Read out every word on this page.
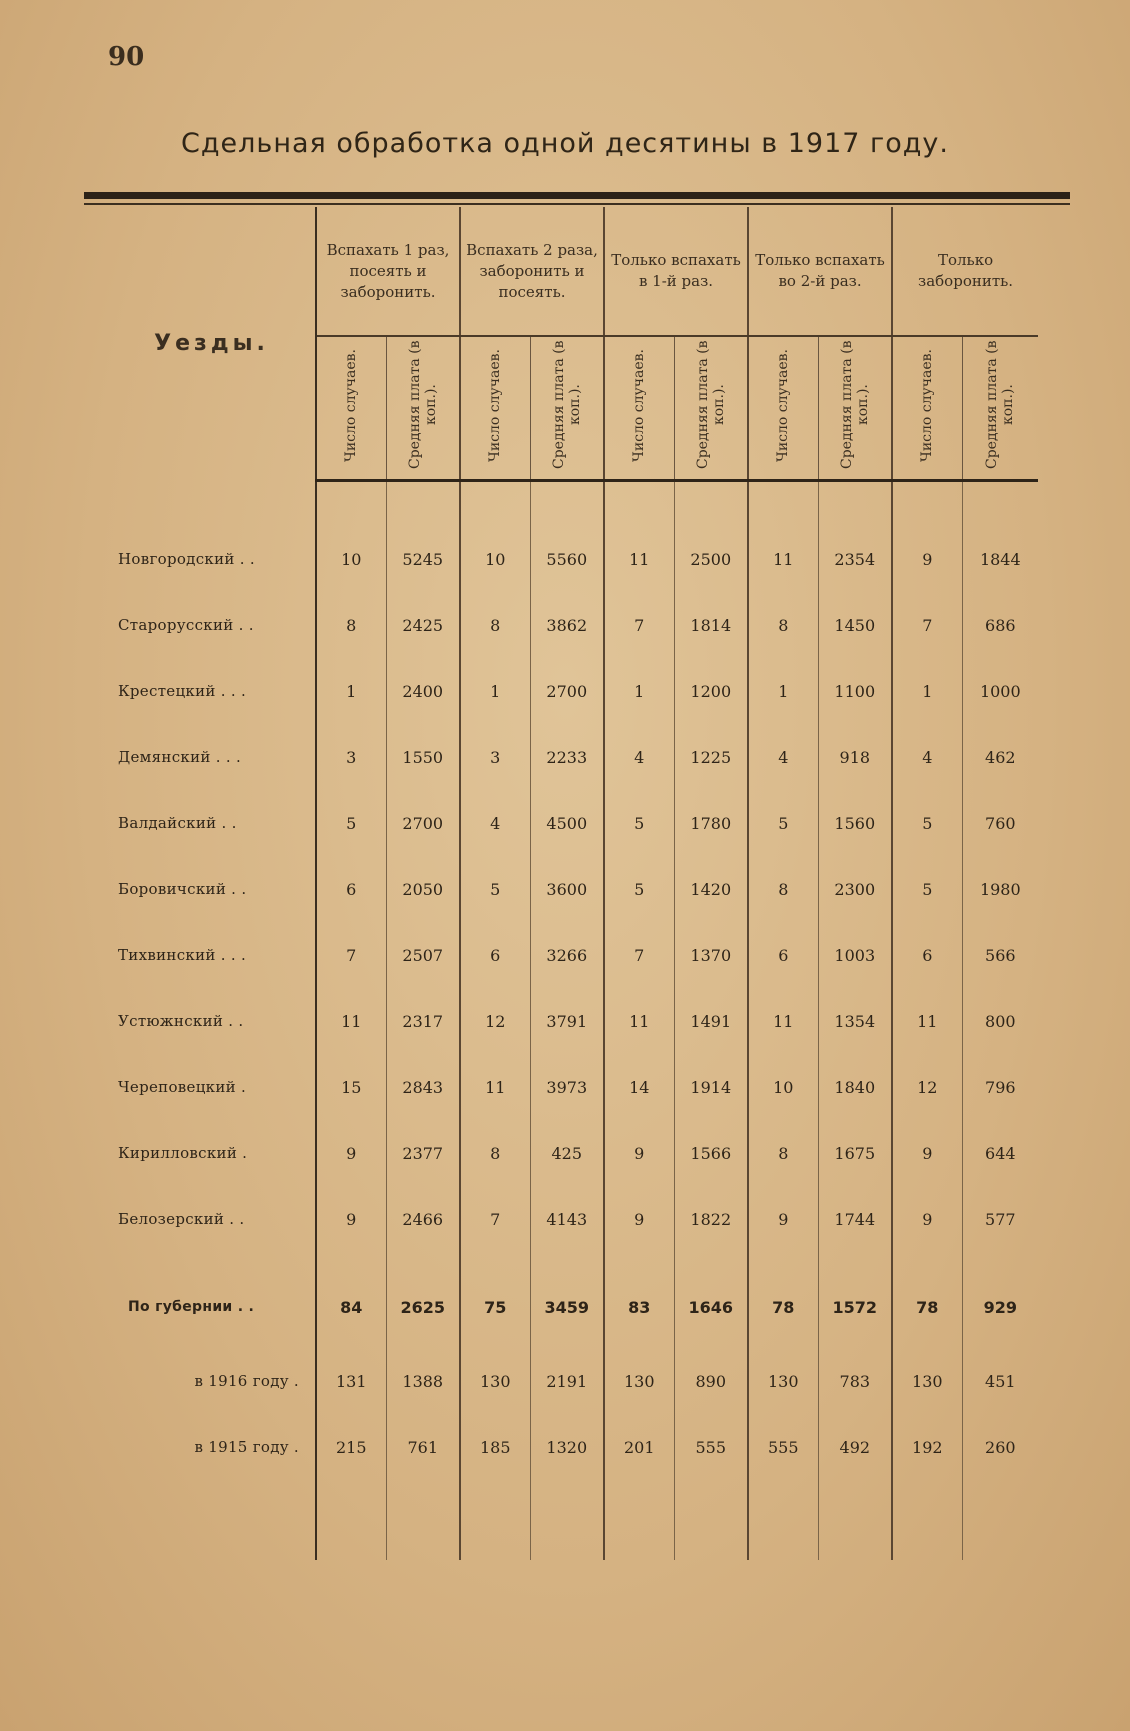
90
Сдельная обработка одной десятины в 1917 году.
Уезды.	Вспахать 1 раз, посеять и заборонить.		Вспахать 2 раза, заборонить и посеять.		Только вспахать в 1-й раз.		Только вспахать во 2-й раз.		Только заборонить.	
	Число случаев.	Средняя плата (в коп.).	Число случаев.	Средняя плата (в коп.).	Число случаев.	Средняя плата (в коп.).	Число случаев.	Средняя плата (в коп.).	Число случаев.	Средняя плата (в коп.).

Новгородский . .	10	5245	10	5560	11	2500	11	2354	9	1844
Старорусский . .	8	2425	8	3862	7	1814	8	1450	7	686
Крестецкий . . .	1	2400	1	2700	1	1200	1	1100	1	1000
Демянский . . .	3	1550	3	2233	4	1225	4	918	4	462
Валдайский . .	5	2700	4	4500	5	1780	5	1560	5	760
Боровичский . .	6	2050	5	3600	5	1420	8	2300	5	1980
Тихвинский . . .	7	2507	6	3266	7	1370	6	1003	6	566
Устюжнский . .	11	2317	12	3791	11	1491	11	1354	11	800
Череповецкий .	15	2843	11	3973	14	1914	10	1840	12	796
Кирилловский .	9	2377	8	425	9	1566	8	1675	9	644
Белозерский . .	9	2466	7	4143	9	1822	9	1744	9	577
По губернии . .	84	2625	75	3459	83	1646	78	1572	78	929
в 1916 году .	131	1388	130	2191	130	890	130	783	130	451
в 1915 году .	215	761	185	1320	201	555	555	492	192	260
